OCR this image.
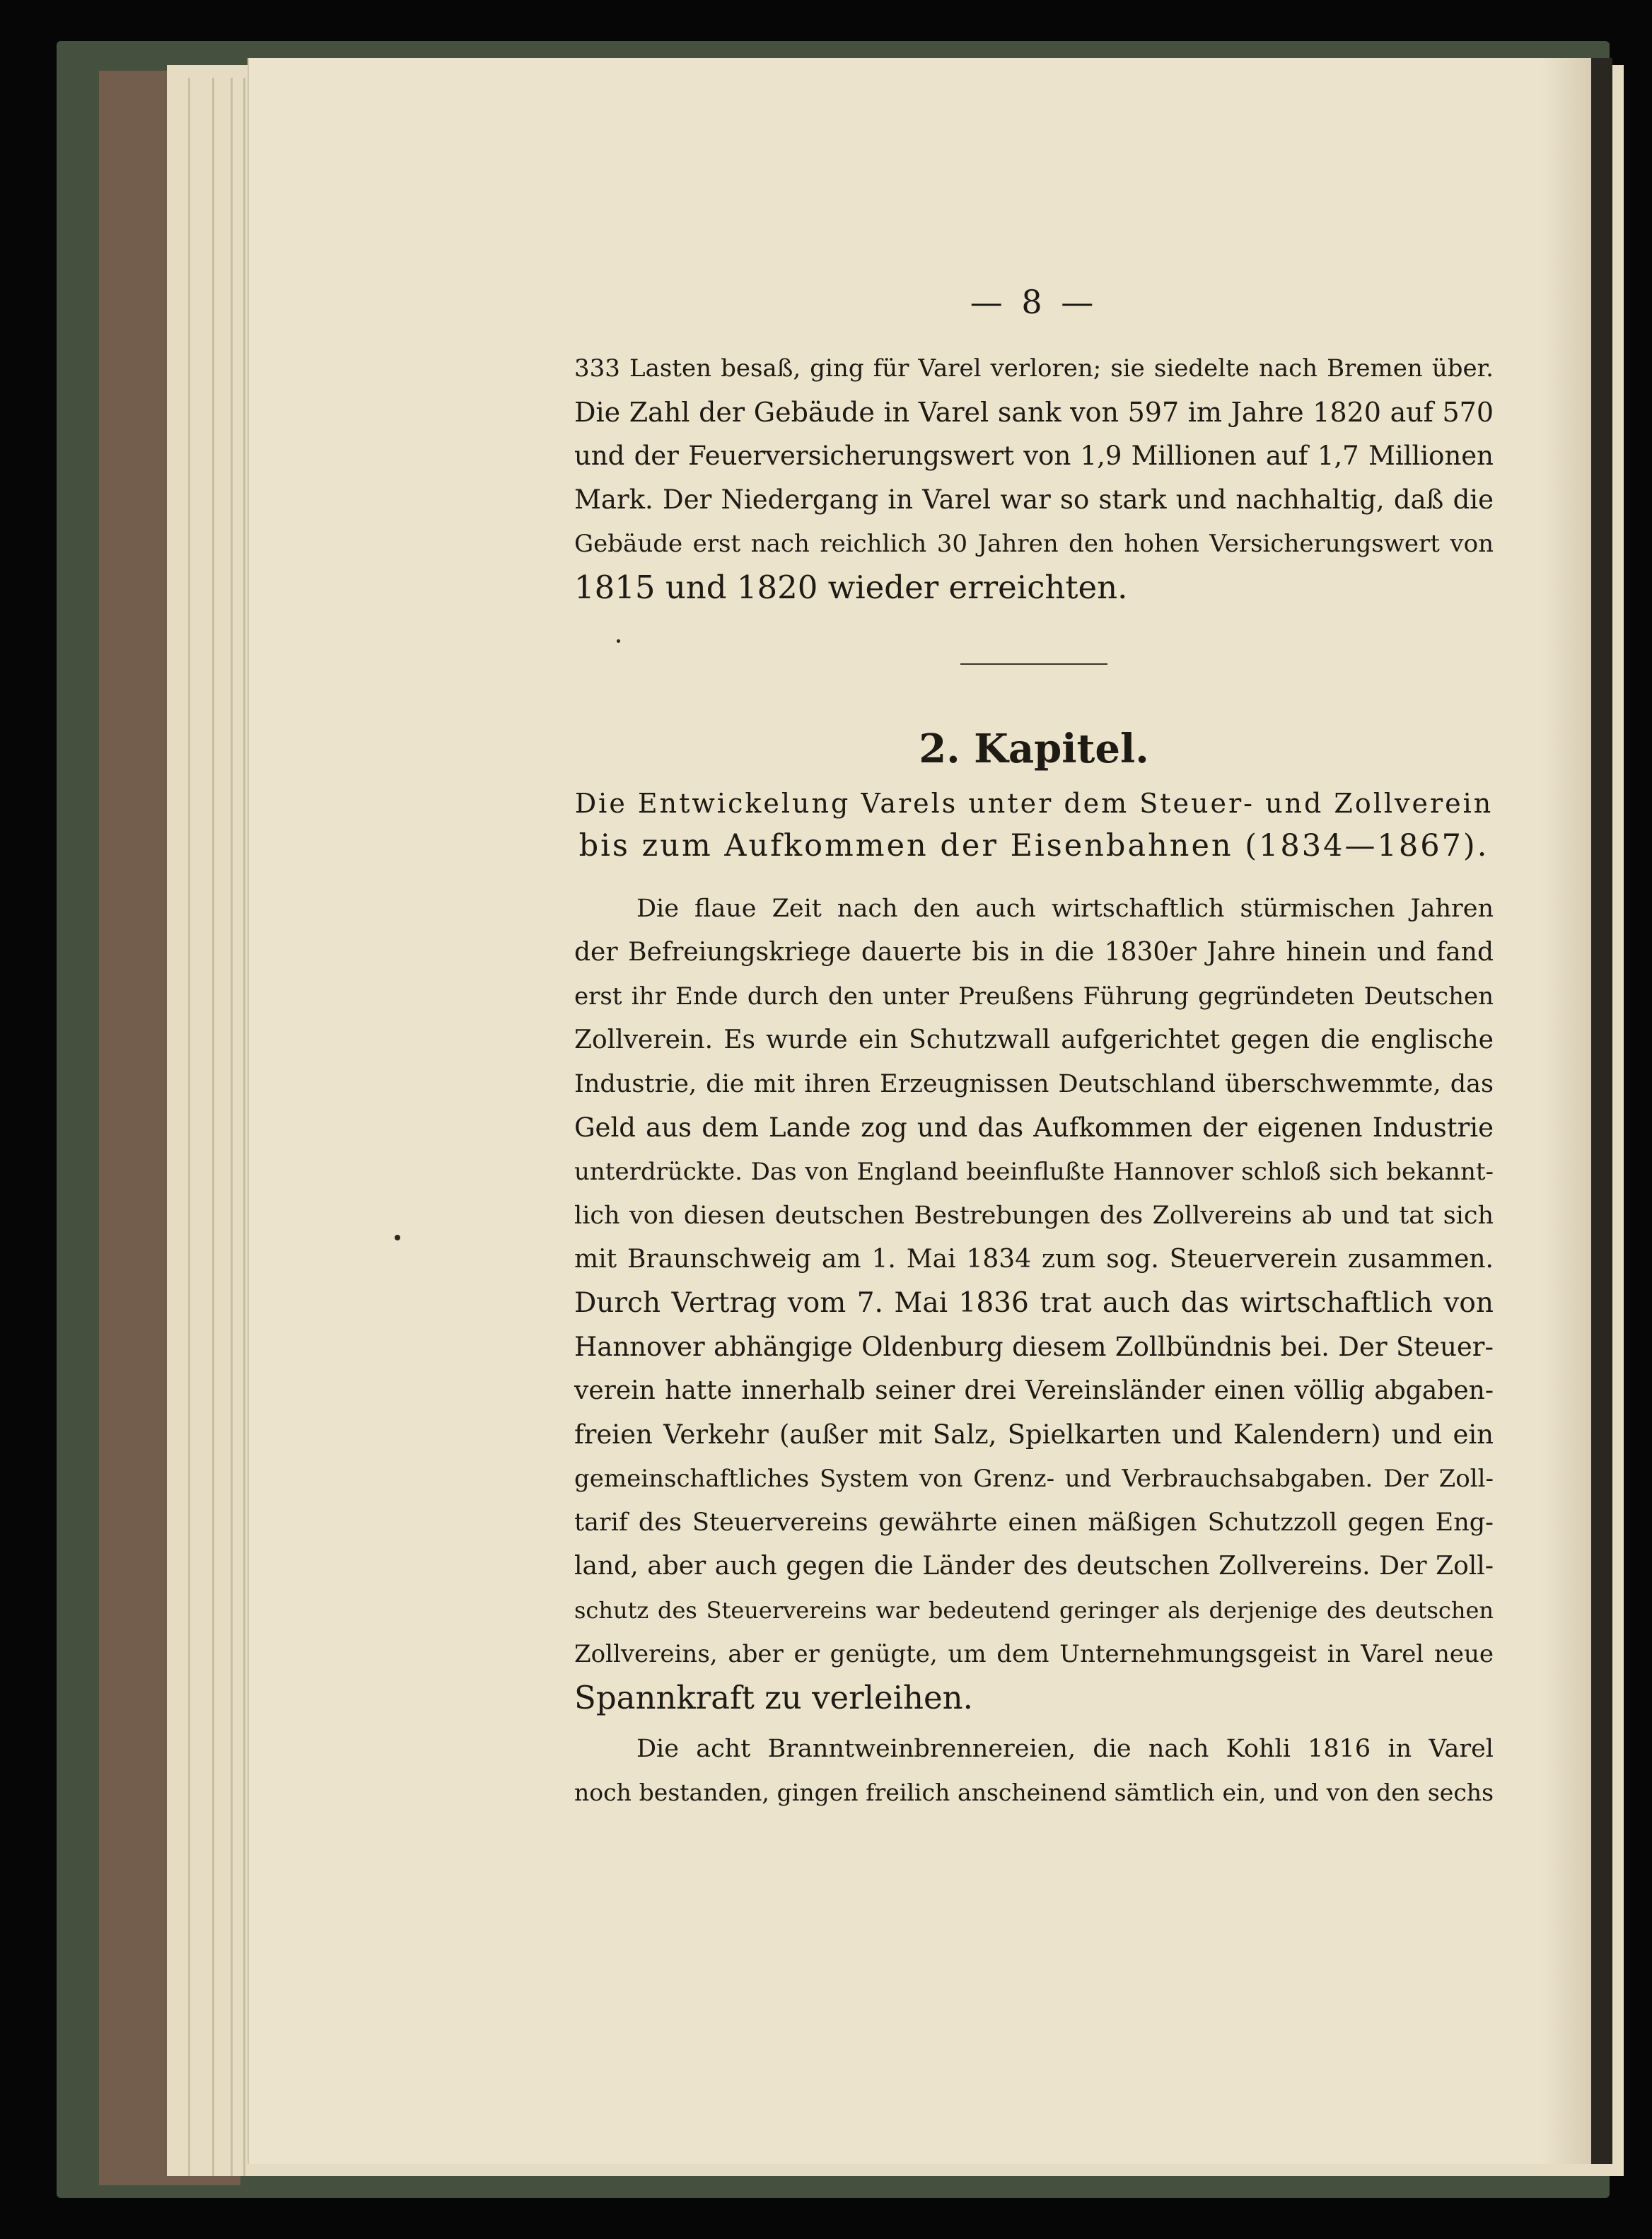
— 8 —
333 Lasten besaß, ging für Varel verloren; sie siedelte nach Bremen über.
Die Zahl der Gebäude in Varel sank von 597 im Jahre 1820 auf 570
und der Feuerversicherungswert von 1,9 Millionen auf 1,7 Millionen
Mark. Der Niedergang in Varel war so stark und nachhaltig, daß die
Gebäude erst nach reichlich 30 Jahren den hohen Versicherungswert von
1815 und 1820 wieder erreichten.
2. Kapitel.
Die Entwickelung Varels unter dem Steuer- und Zollverein
bis zum Aufkommen der Eisenbahnen (1834—1867).
Die flaue Zeit nach den auch wirtschaftlich stürmischen Jahren
der Befreiungskriege dauerte bis in die 1830er Jahre hinein und fand
erst ihr Ende durch den unter Preußens Führung gegründeten Deutschen
Zollverein. Es wurde ein Schutzwall aufgerichtet gegen die englische
Industrie, die mit ihren Erzeugnissen Deutschland überschwemmte, das
Geld aus dem Lande zog und das Aufkommen der eigenen Industrie
unterdrückte. Das von England beeinflußte Hannover schloß sich bekannt-
lich von diesen deutschen Bestrebungen des Zollvereins ab und tat sich
mit Braunschweig am 1. Mai 1834 zum sog. Steuerverein zusammen.
Durch Vertrag vom 7. Mai 1836 trat auch das wirtschaftlich von
Hannover abhängige Oldenburg diesem Zollbündnis bei. Der Steuer-
verein hatte innerhalb seiner drei Vereinsländer einen völlig abgaben-
freien Verkehr (außer mit Salz, Spielkarten und Kalendern) und ein
gemeinschaftliches System von Grenz- und Verbrauchsabgaben. Der Zoll-
tarif des Steuervereins gewährte einen mäßigen Schutzzoll gegen Eng-
land, aber auch gegen die Länder des deutschen Zollvereins. Der Zoll-
schutz des Steuervereins war bedeutend geringer als derjenige des deutschen
Zollvereins, aber er genügte, um dem Unternehmungsgeist in Varel neue
Spannkraft zu verleihen.
Die acht Branntweinbrennereien, die nach Kohli 1816 in Varel
noch bestanden, gingen freilich anscheinend sämtlich ein, und von den sechs
